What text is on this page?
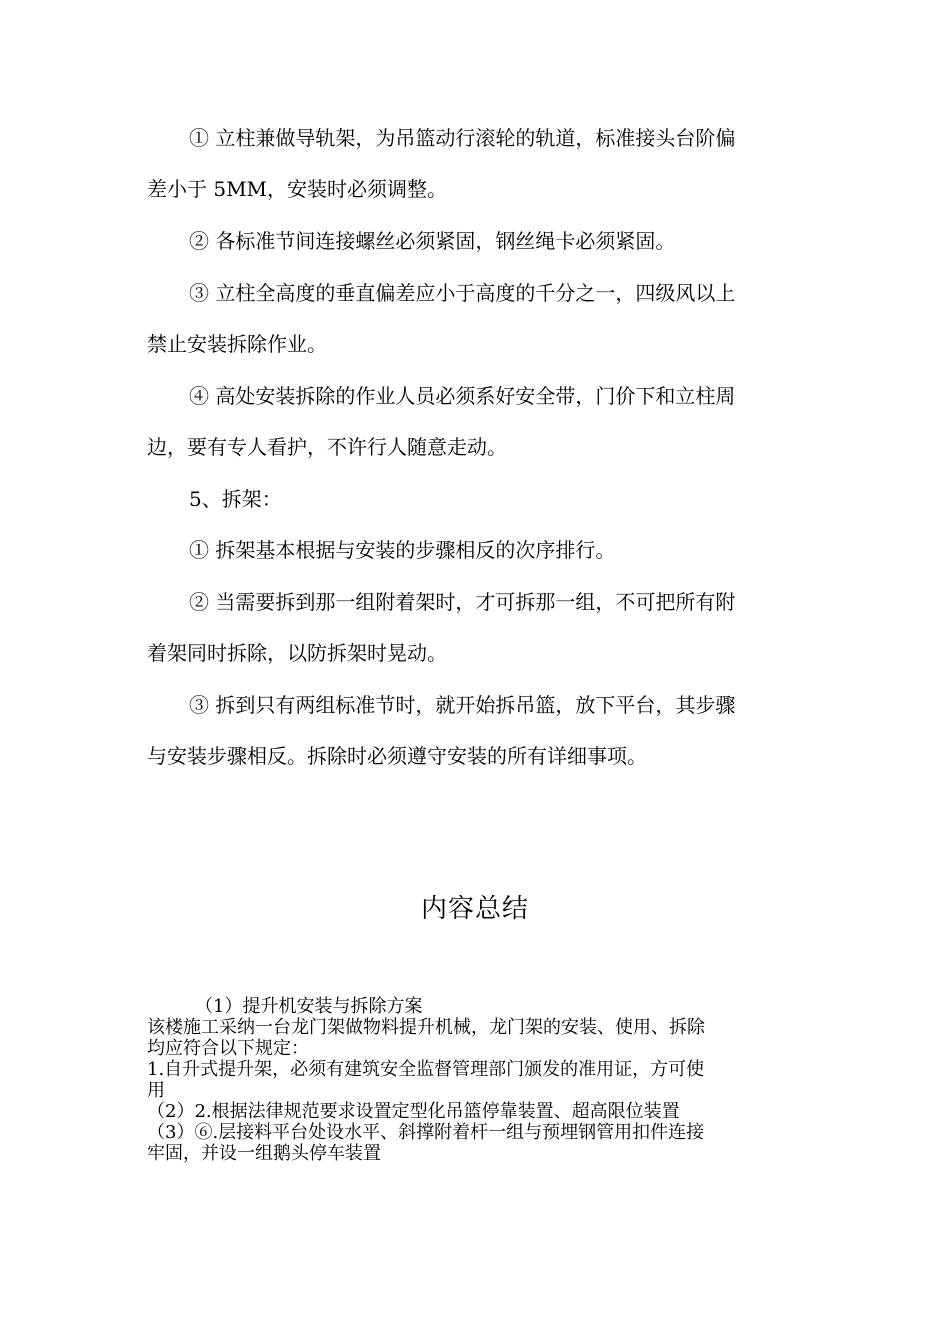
① 立柱兼做导轨架，为吊篮动行滚轮的轨道，标准接头台阶偏

差小于 5MM，安装时必须调整。

② 各标准节间连接螺丝必须紧固，钢丝绳卡必须紧固。

③ 立柱全高度的垂直偏差应小于高度的千分之一，四级风以上

禁止安装拆除作业。

④ 高处安装拆除的作业人员必须系好安全带，门价下和立柱周

边，要有专人看护，不许行人随意走动。

5、拆架：

① 拆架基本根据与安装的步骤相反的次序排行。

② 当需要拆到那一组附着架时，才可拆那一组，不可把所有附

着架同时拆除，以防拆架时晃动。

③ 拆到只有两组标准节时，就开始拆吊篮，放下平台，其步骤

与安装步骤相反。拆除时必须遵守安装的所有详细事项。

内容总结

（1）提升机安装与拆除方案

该楼施工采纳一台龙门架做物料提升机械，龙门架的安装、使用、拆除

均应符合以下规定：

1.自升式提升架，必须有建筑安全监督管理部门颁发的准用证，方可使

用

（2）2.根据法律规范要求设置定型化吊篮停靠装置、超高限位装置

（3）⑥.层接料平台处设水平、斜撑附着杆一组与预埋钢管用扣件连接

牢固，并设一组鹅头停车装置
